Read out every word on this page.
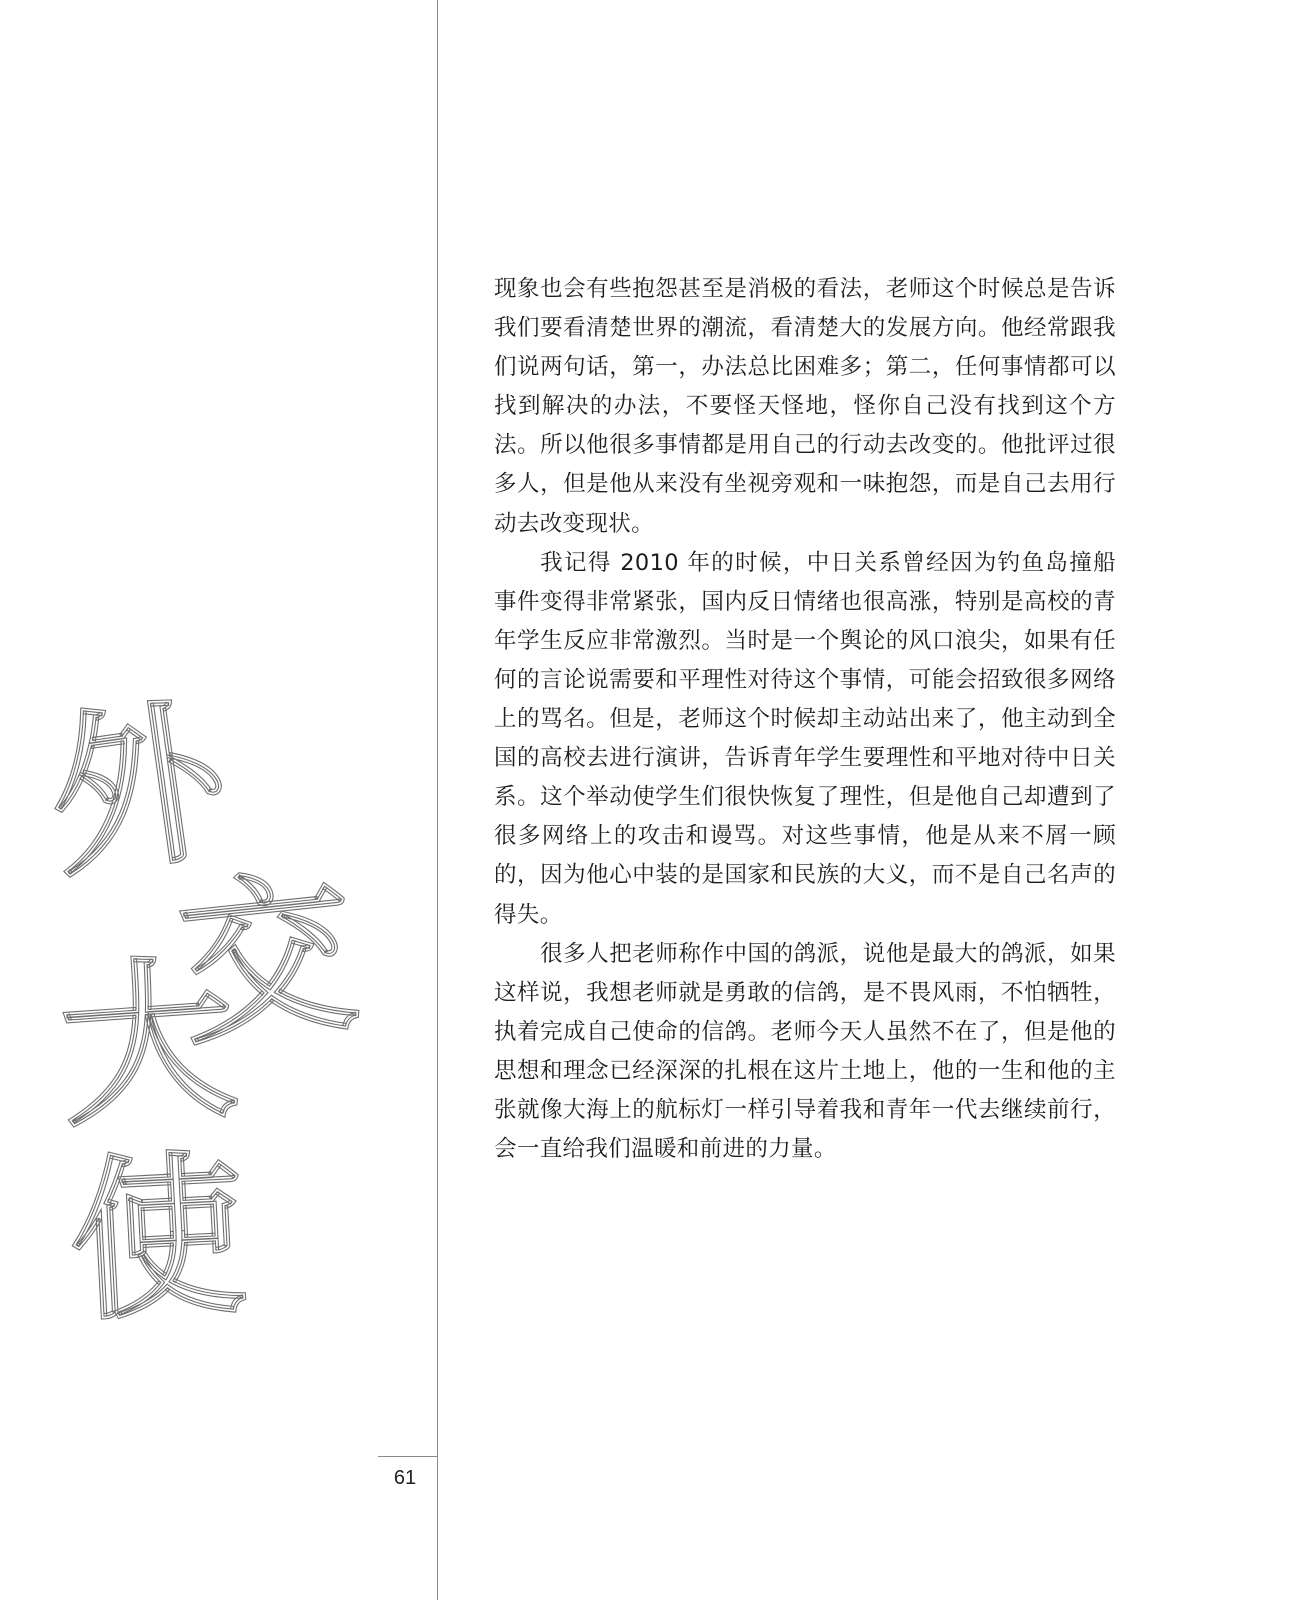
外
交
大
使
61

现象也会有些抱怨甚至是消极的看法，老师这个时候总是告诉我们要看清楚世界的潮流，看清楚大的发展方向。他经常跟我们说两句话，第一，办法总比困难多；第二，任何事情都可以找到解决的办法，不要怪天怪地，怪你自己没有找到这个方法。所以他很多事情都是用自己的行动去改变的。他批评过很多人，但是他从来没有坐视旁观和一味抱怨，而是自己去用行动去改变现状。

我记得 2010 年的时候，中日关系曾经因为钓鱼岛撞船事件变得非常紧张，国内反日情绪也很高涨，特别是高校的青年学生反应非常激烈。当时是一个舆论的风口浪尖，如果有任何的言论说需要和平理性对待这个事情，可能会招致很多网络上的骂名。但是，老师这个时候却主动站出来了，他主动到全国的高校去进行演讲，告诉青年学生要理性和平地对待中日关系。这个举动使学生们很快恢复了理性，但是他自己却遭到了很多网络上的攻击和谩骂。对这些事情，他是从来不屑一顾的，因为他心中装的是国家和民族的大义，而不是自己名声的得失。

很多人把老师称作中国的鸽派，说他是最大的鸽派，如果这样说，我想老师就是勇敢的信鸽，是不畏风雨，不怕牺牲，执着完成自己使命的信鸽。老师今天人虽然不在了，但是他的思想和理念已经深深的扎根在这片土地上，他的一生和他的主张就像大海上的航标灯一样引导着我和青年一代去继续前行，会一直给我们温暖和前进的力量。
